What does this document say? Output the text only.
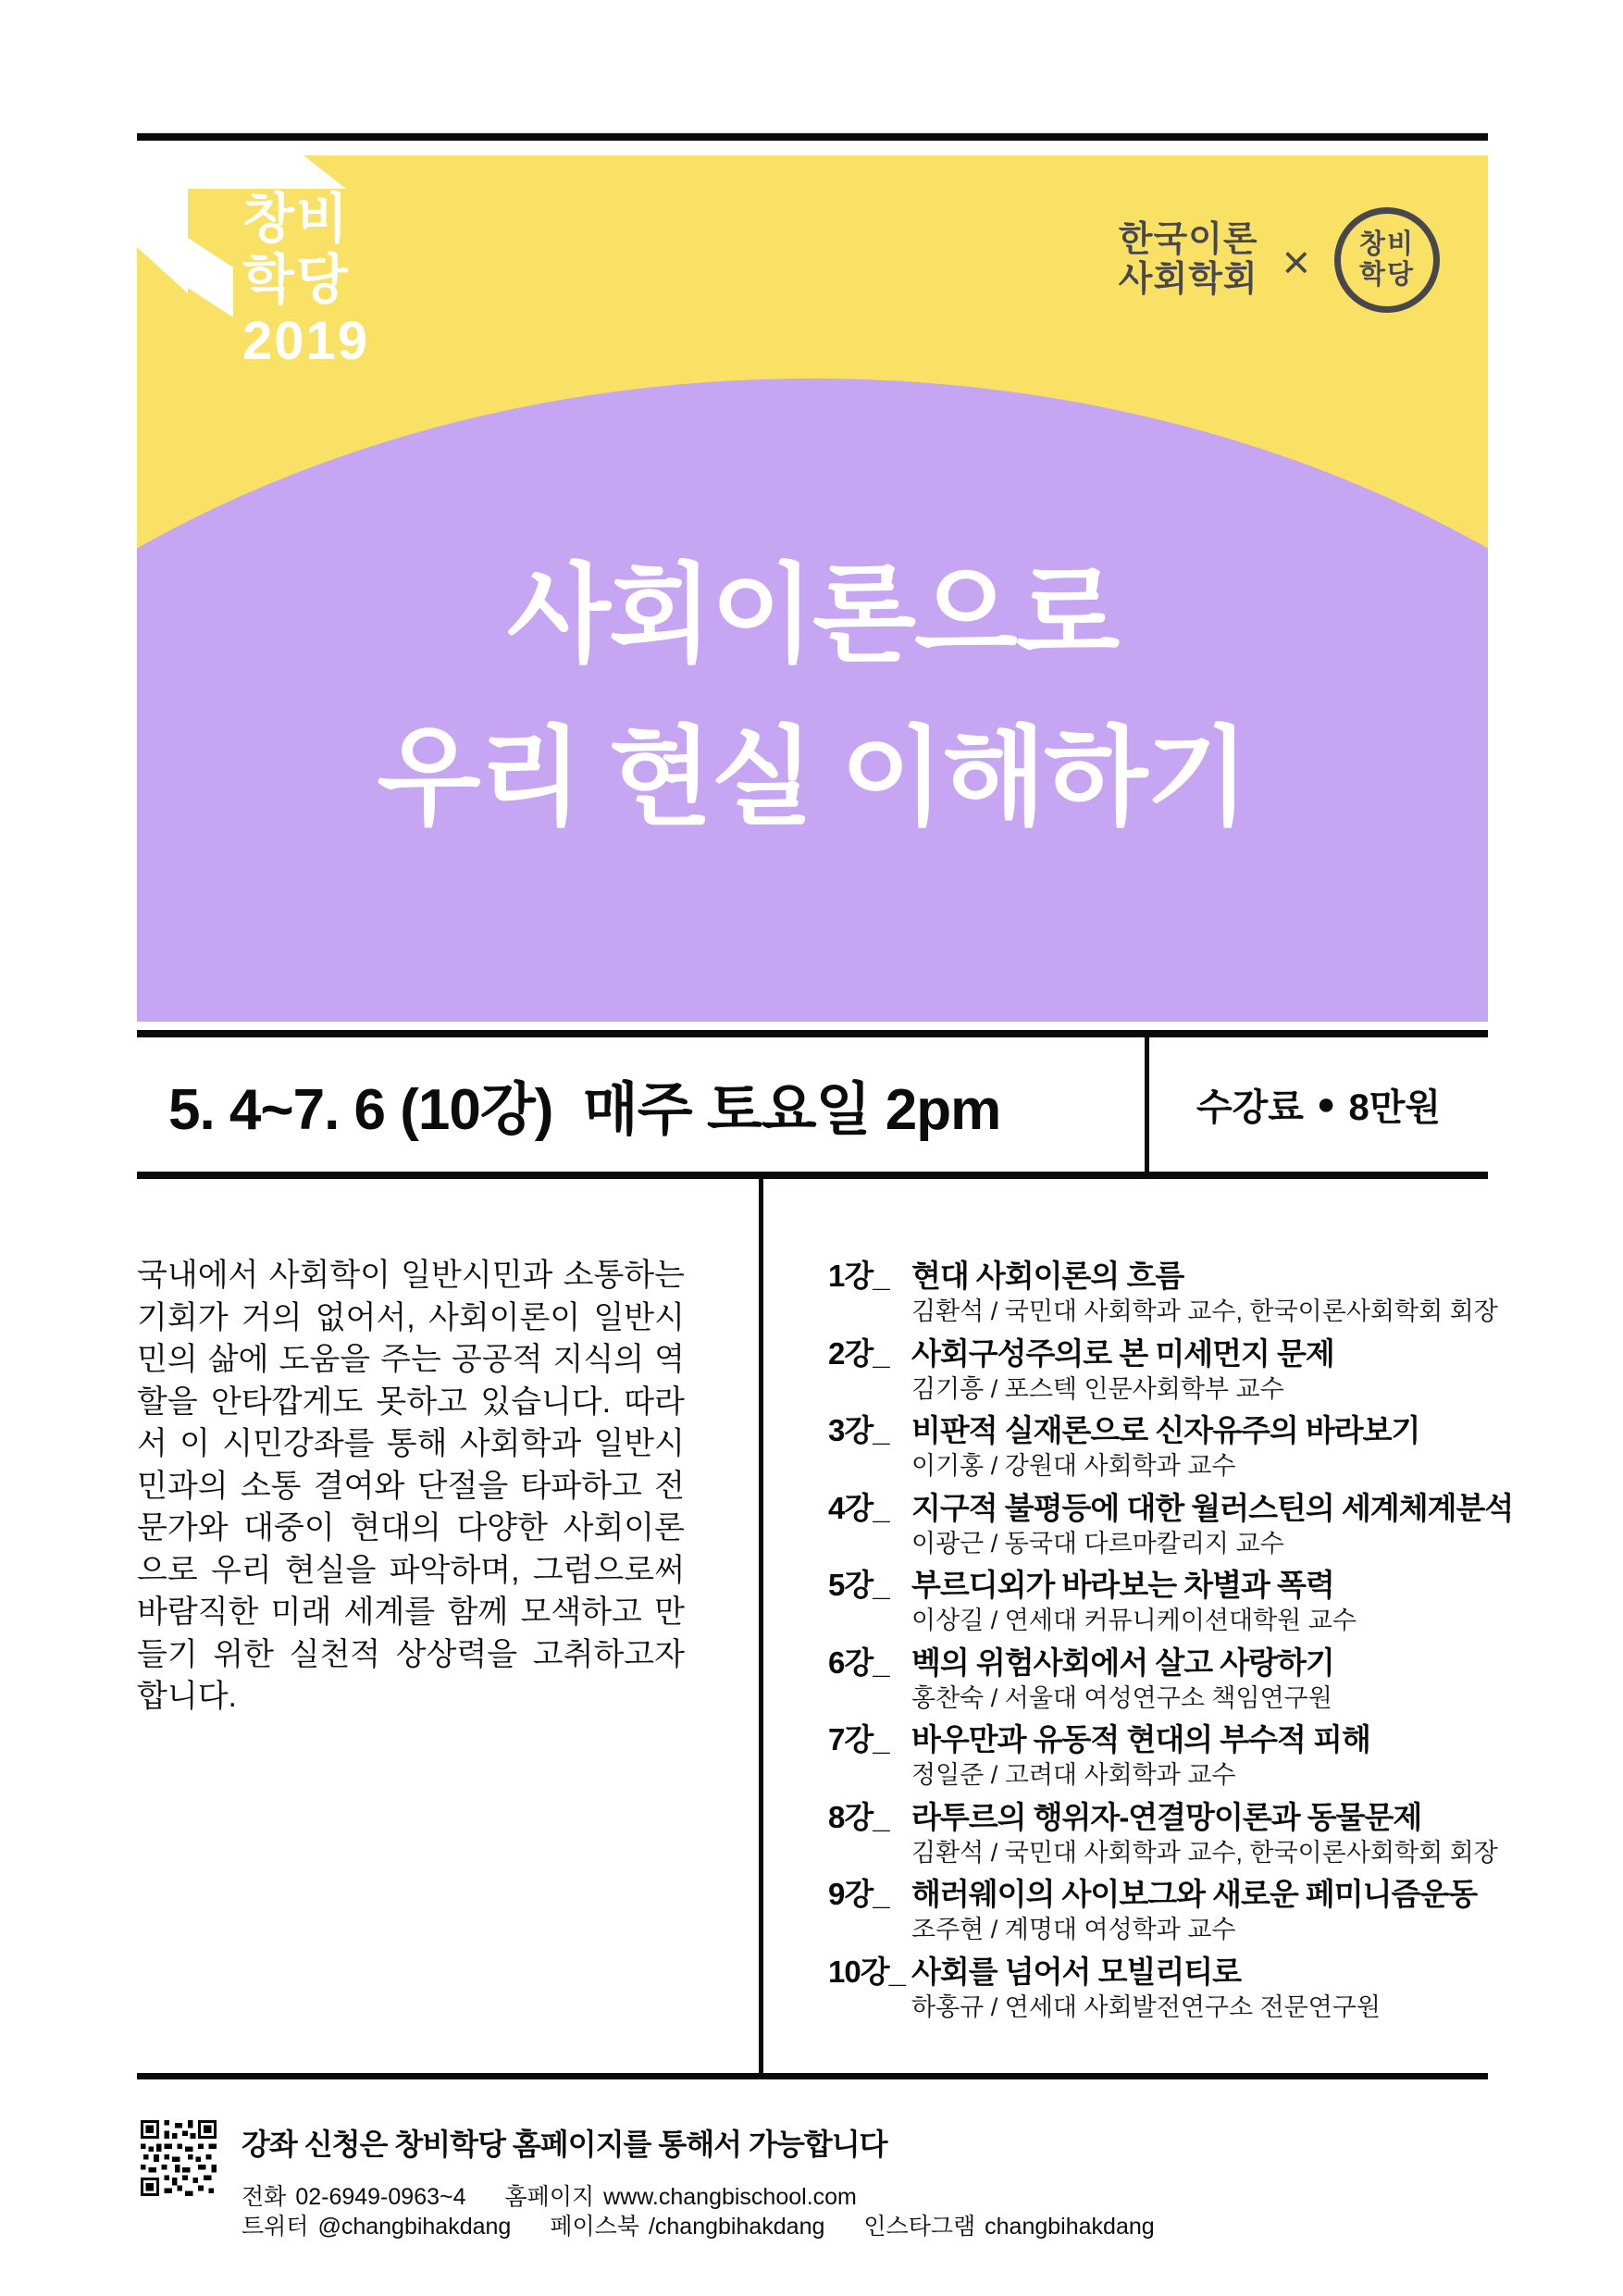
창비
학당
2019
한국이론
사회학회 × 창비
학당
사회이론으로
우리 현실 이해하기
5. 4~7. 6 (10강)  매주 토요일 2pm	수강료 ● 8만원
국내에서 사회학이 일반시민과 소통하는 기회가 거의 없어서, 사회이론이 일반시민의 삶에 도움을 주는 공공적 지식의 역할을 안타깝게도 못하고 있습니다. 따라서 이 시민강좌를 통해 사회학과 일반시민과의 소통 결여와 단절을 타파하고 전문가와 대중이 현대의 다양한 사회이론으로 우리 현실을 파악하며, 그럼으로써 바람직한 미래 세계를 함께 모색하고 만들기 위한 실천적 상상력을 고취하고자 합니다.
1강_ 현대 사회이론의 흐름
김환석 / 국민대 사회학과 교수, 한국이론사회학회 회장
2강_ 사회구성주의로 본 미세먼지 문제
김기흥 / 포스텍 인문사회학부 교수
3강_ 비판적 실재론으로 신자유주의 바라보기
이기홍 / 강원대 사회학과 교수
4강_ 지구적 불평등에 대한 월러스틴의 세계체계분석
이광근 / 동국대 다르마칼리지 교수
5강_ 부르디외가 바라보는 차별과 폭력
이상길 / 연세대 커뮤니케이션대학원 교수
6강_ 벡의 위험사회에서 살고 사랑하기
홍찬숙 / 서울대 여성연구소 책임연구원
7강_ 바우만과 유동적 현대의 부수적 피해
정일준 / 고려대 사회학과 교수
8강_ 라투르의 행위자-연결망이론과 동물문제
김환석 / 국민대 사회학과 교수, 한국이론사회학회 회장
9강_ 해러웨이의 사이보그와 새로운 페미니즘운동
조주현 / 계명대 여성학과 교수
10강_ 사회를 넘어서 모빌리티로
하홍규 / 연세대 사회발전연구소 전문연구원
강좌 신청은 창비학당 홈페이지를 통해서 가능합니다
전화 02-6949-0963~4 홈페이지 www.changbischool.com
트위터 @changbihakdang 페이스북 /changbihakdang 인스타그램 changbihakdang
